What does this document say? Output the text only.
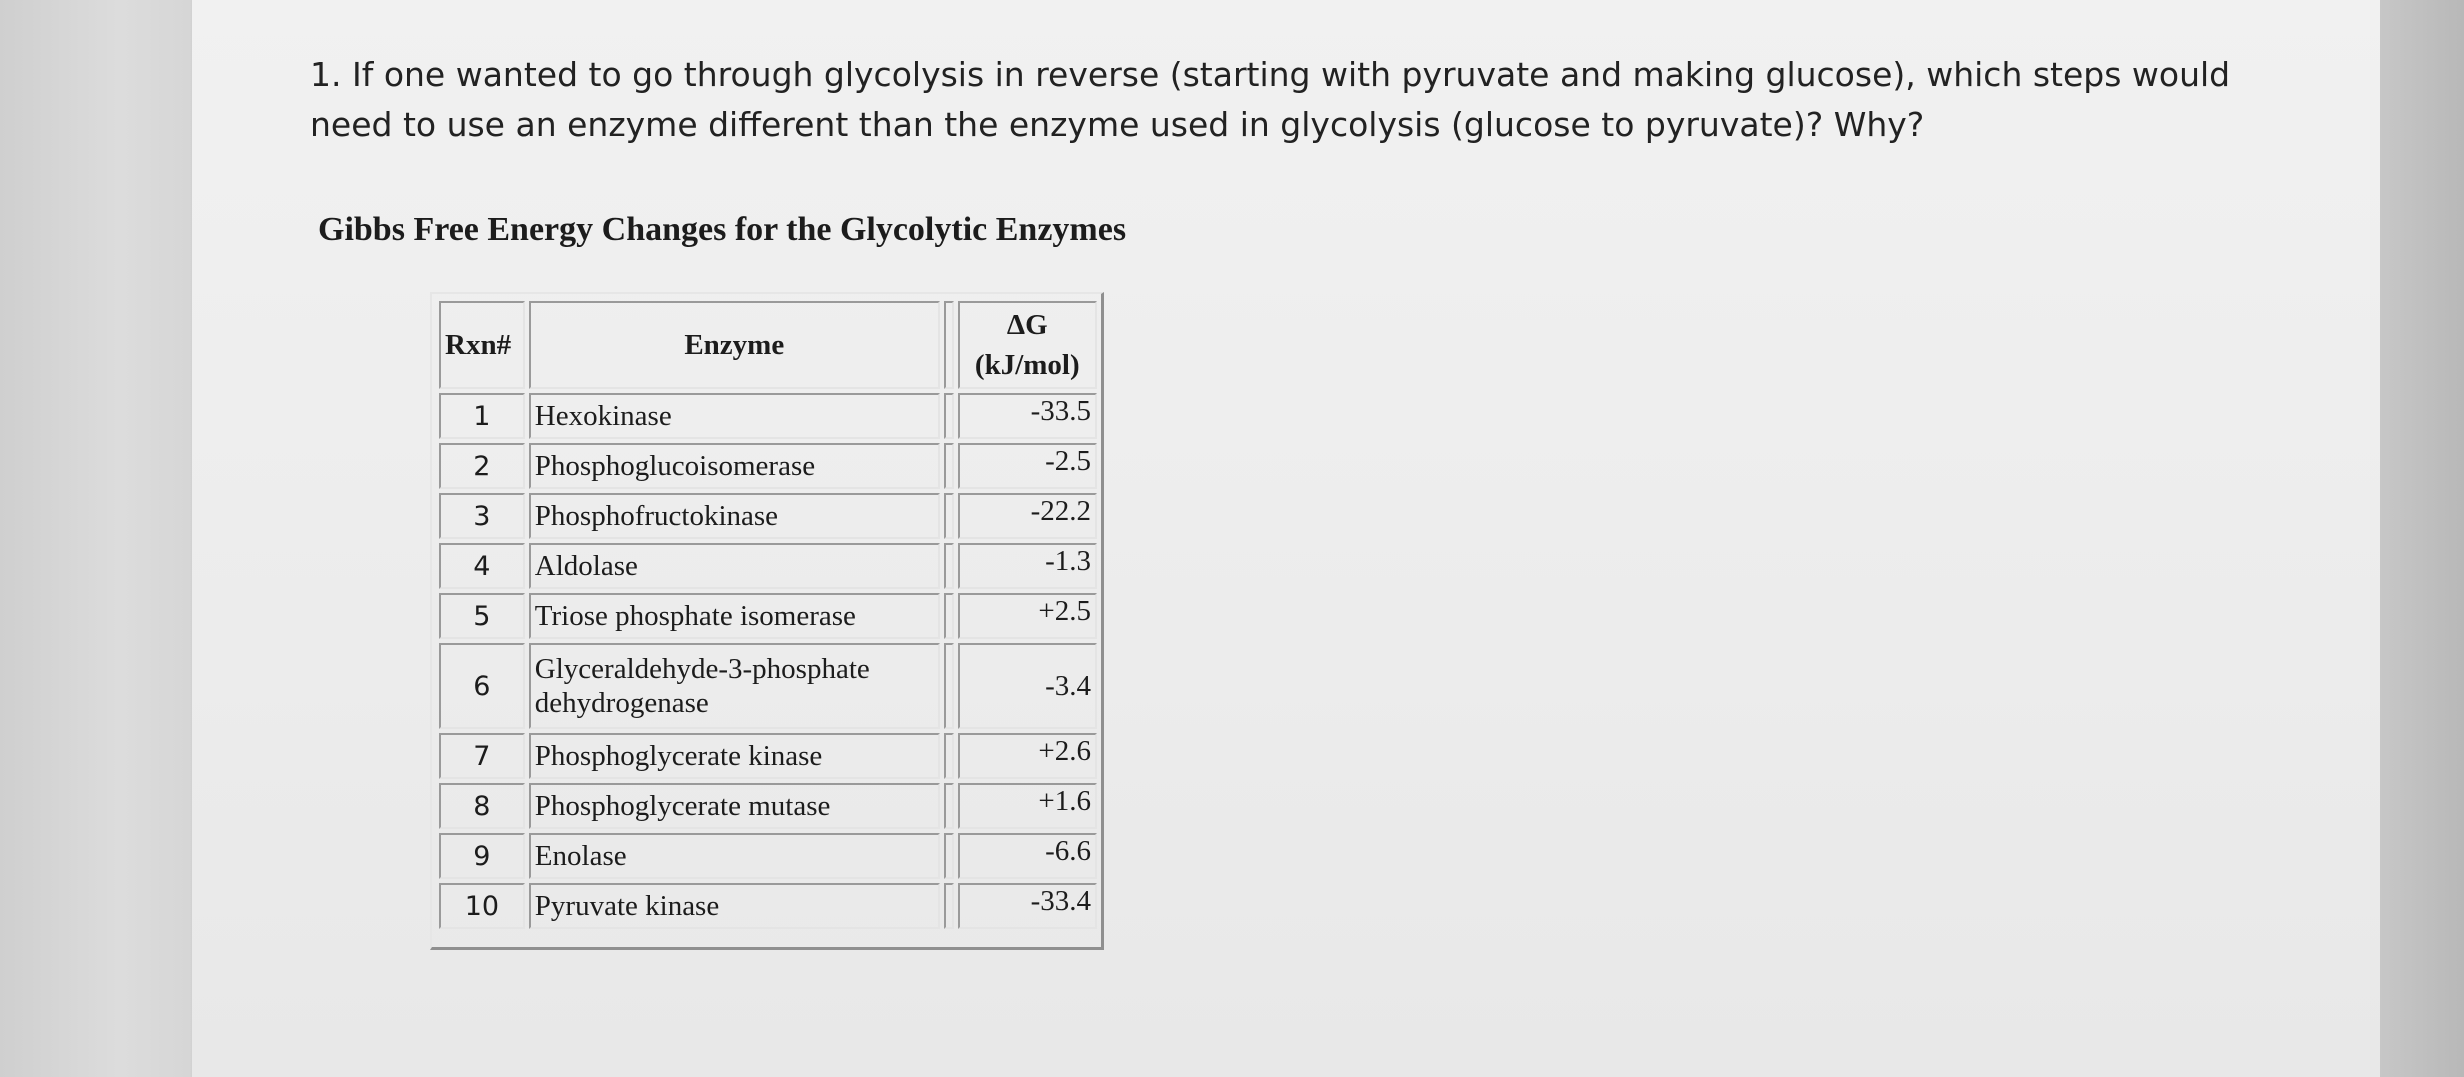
1. If one wanted to go through glycolysis in reverse (starting with pyruvate and making glucose), which steps would need to use an enzyme different than the enzyme used in glycolysis (glucose to pyruvate)? Why?

Gibbs Free Energy Changes for the Glycolytic Enzymes
Rxn#	Enzyme		ΔG
(kJ/mol)
1	Hexokinase		-33.5
2	Phosphoglucoisomerase		-2.5
3	Phosphofructokinase		-22.2
4	Aldolase		-1.3
5	Triose phosphate isomerase		+2.5
6	Glyceraldehyde-3-phosphate dehydrogenase		-3.4
7	Phosphoglycerate kinase		+2.6
8	Phosphoglycerate mutase		+1.6
9	Enolase		-6.6
10	Pyruvate kinase		-33.4
